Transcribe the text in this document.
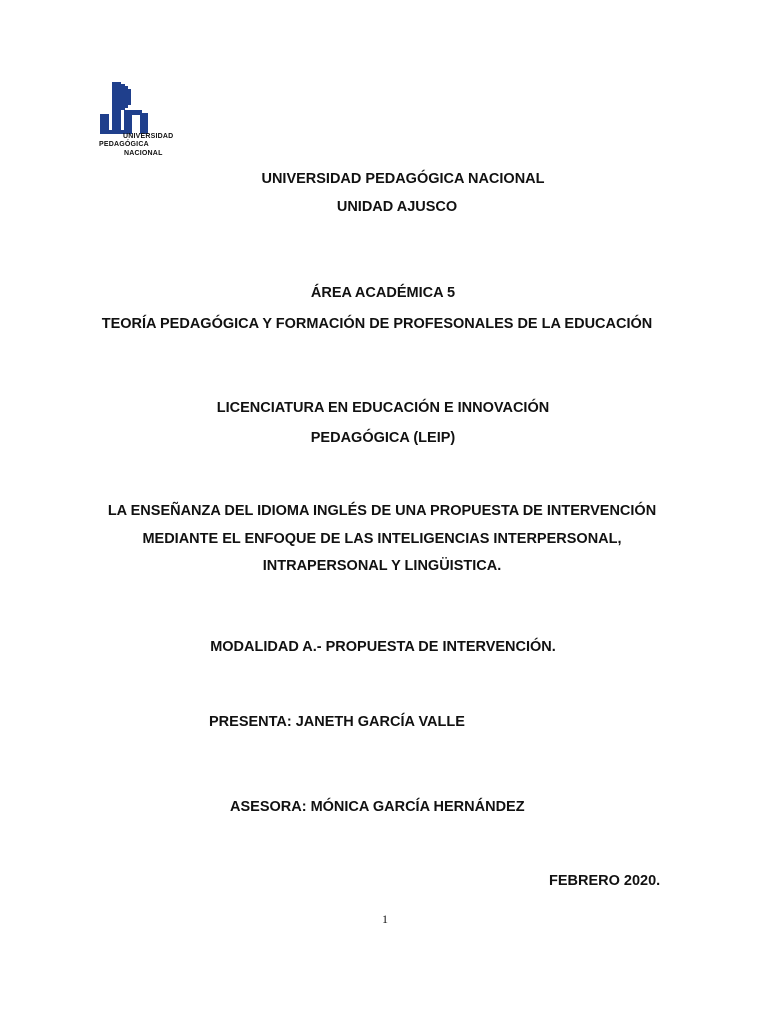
UNIVERSIDAD
PEDAGÓGICA
NACIONAL
UNIVERSIDAD PEDAGÓGICA NACIONAL
UNIDAD AJUSCO
ÁREA ACADÉMICA 5
TEORÍA PEDAGÓGICA Y FORMACIÓN DE PROFESONALES DE LA EDUCACIÓN
LICENCIATURA EN EDUCACIÓN E INNOVACIÓN
PEDAGÓGICA (LEIP)
LA ENSEÑANZA DEL IDIOMA INGLÉS DE UNA PROPUESTA DE INTERVENCIÓN
MEDIANTE EL ENFOQUE DE LAS INTELIGENCIAS INTERPERSONAL,
INTRAPERSONAL Y LINGÜISTICA.
MODALIDAD A.- PROPUESTA DE INTERVENCIÓN.
PRESENTA: JANETH GARCÍA VALLE
ASESORA: MÓNICA GARCÍA HERNÁNDEZ
FEBRERO 2020.
1
